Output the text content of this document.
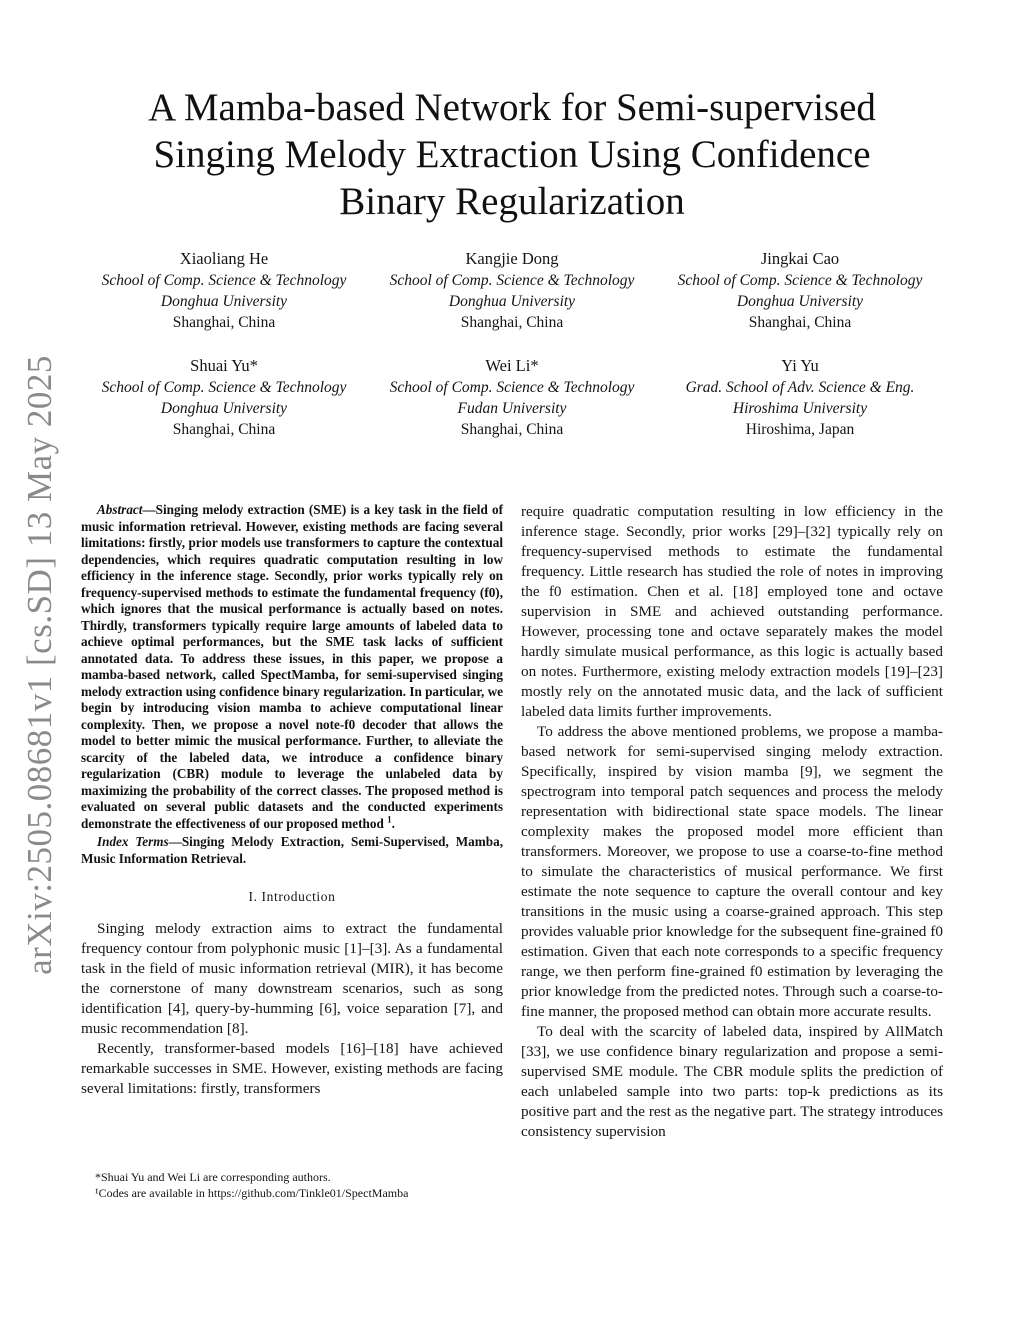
arXiv:2505.08681v1 [cs.SD] 13 May 2025
A Mamba-based Network for Semi-supervised
Singing Melody Extraction Using Confidence
Binary Regularization
Xiaoliang He
School of Comp. Science & Technology
Donghua University
Shanghai, China
Kangjie Dong
School of Comp. Science & Technology
Donghua University
Shanghai, China
Jingkai Cao
School of Comp. Science & Technology
Donghua University
Shanghai, China
Shuai Yu*
School of Comp. Science & Technology
Donghua University
Shanghai, China
Wei Li*
School of Comp. Science & Technology
Fudan University
Shanghai, China
Yi Yu
Grad. School of Adv. Science & Eng.
Hiroshima University
Hiroshima, Japan

Abstract—Singing melody extraction (SME) is a key task in the field of music information retrieval. However, existing methods are facing several limitations: firstly, prior models use transformers to capture the contextual dependencies, which requires quadratic computation resulting in low efficiency in the inference stage. Secondly, prior works typically rely on frequency-supervised methods to estimate the fundamental frequency (f0), which ignores that the musical performance is actually based on notes. Thirdly, transformers typically require large amounts of labeled data to achieve optimal performances, but the SME task lacks of sufficient annotated data. To address these issues, in this paper, we propose a mamba-based network, called SpectMamba, for semi-supervised singing melody extraction using confidence binary regularization. In particular, we begin by introducing vision mamba to achieve computational linear complexity. Then, we propose a novel note-f0 decoder that allows the model to better mimic the musical performance. Further, to alleviate the scarcity of the labeled data, we introduce a confidence binary regularization (CBR) module to leverage the unlabeled data by maximizing the probability of the correct classes. The proposed method is evaluated on several public datasets and the conducted experiments demonstrate the effectiveness of our proposed method $^1$.

Index Terms—Singing Melody Extraction, Semi-Supervised, Mamba, Music Information Retrieval.

I. Introduction

Singing melody extraction aims to extract the fundamental frequency contour from polyphonic music [1]–[3]. As a fundamental task in the field of music information retrieval (MIR), it has become the cornerstone of many downstream scenarios, such as song identification [4], query-by-humming [6], voice separation [7], and music recommendation [8].

Recently, transformer-based models [16]–[18] have achieved remarkable successes in SME. However, existing methods are facing several limitations: firstly, transformers

require quadratic computation resulting in low efficiency in the inference stage. Secondly, prior works [29]–[32] typically rely on frequency-supervised methods to estimate the fundamental frequency. Little research has studied the role of notes in improving the f0 estimation. Chen et al. [18] employed tone and octave supervision in SME and achieved outstanding performance. However, processing tone and octave separately makes the model hardly simulate musical performance, as this logic is actually based on notes. Furthermore, existing melody extraction models [19]–[23] mostly rely on the annotated music data, and the lack of sufficient labeled data limits further improvements.

To address the above mentioned problems, we propose a mamba-based network for semi-supervised singing melody extraction. Specifically, inspired by vision mamba [9], we segment the spectrogram into temporal patch sequences and process the melody representation with bidirectional state space models. The linear complexity makes the proposed model more efficient than transformers. Moreover, we propose to use a coarse-to-fine method to simulate the characteristics of musical performance. We first estimate the note sequence to capture the overall contour and key transitions in the music using a coarse-grained approach. This step provides valuable prior knowledge for the subsequent fine-grained f0 estimation. Given that each note corresponds to a specific frequency range, we then perform fine-grained f0 estimation by leveraging the prior knowledge from the predicted notes. Through such a coarse-to-fine manner, the proposed method can obtain more accurate results.

To deal with the scarcity of labeled data, inspired by AllMatch [33], we use confidence binary regularization and propose a semi-supervised SME module. The CBR module splits the prediction of each unlabeled sample into two parts: top-k predictions as its positive part and the rest as the negative part. The strategy introduces consistency supervision

*Shuai Yu and Wei Li are corresponding authors.

¹Codes are available in https://github.com/Tinkle01/SpectMamba
